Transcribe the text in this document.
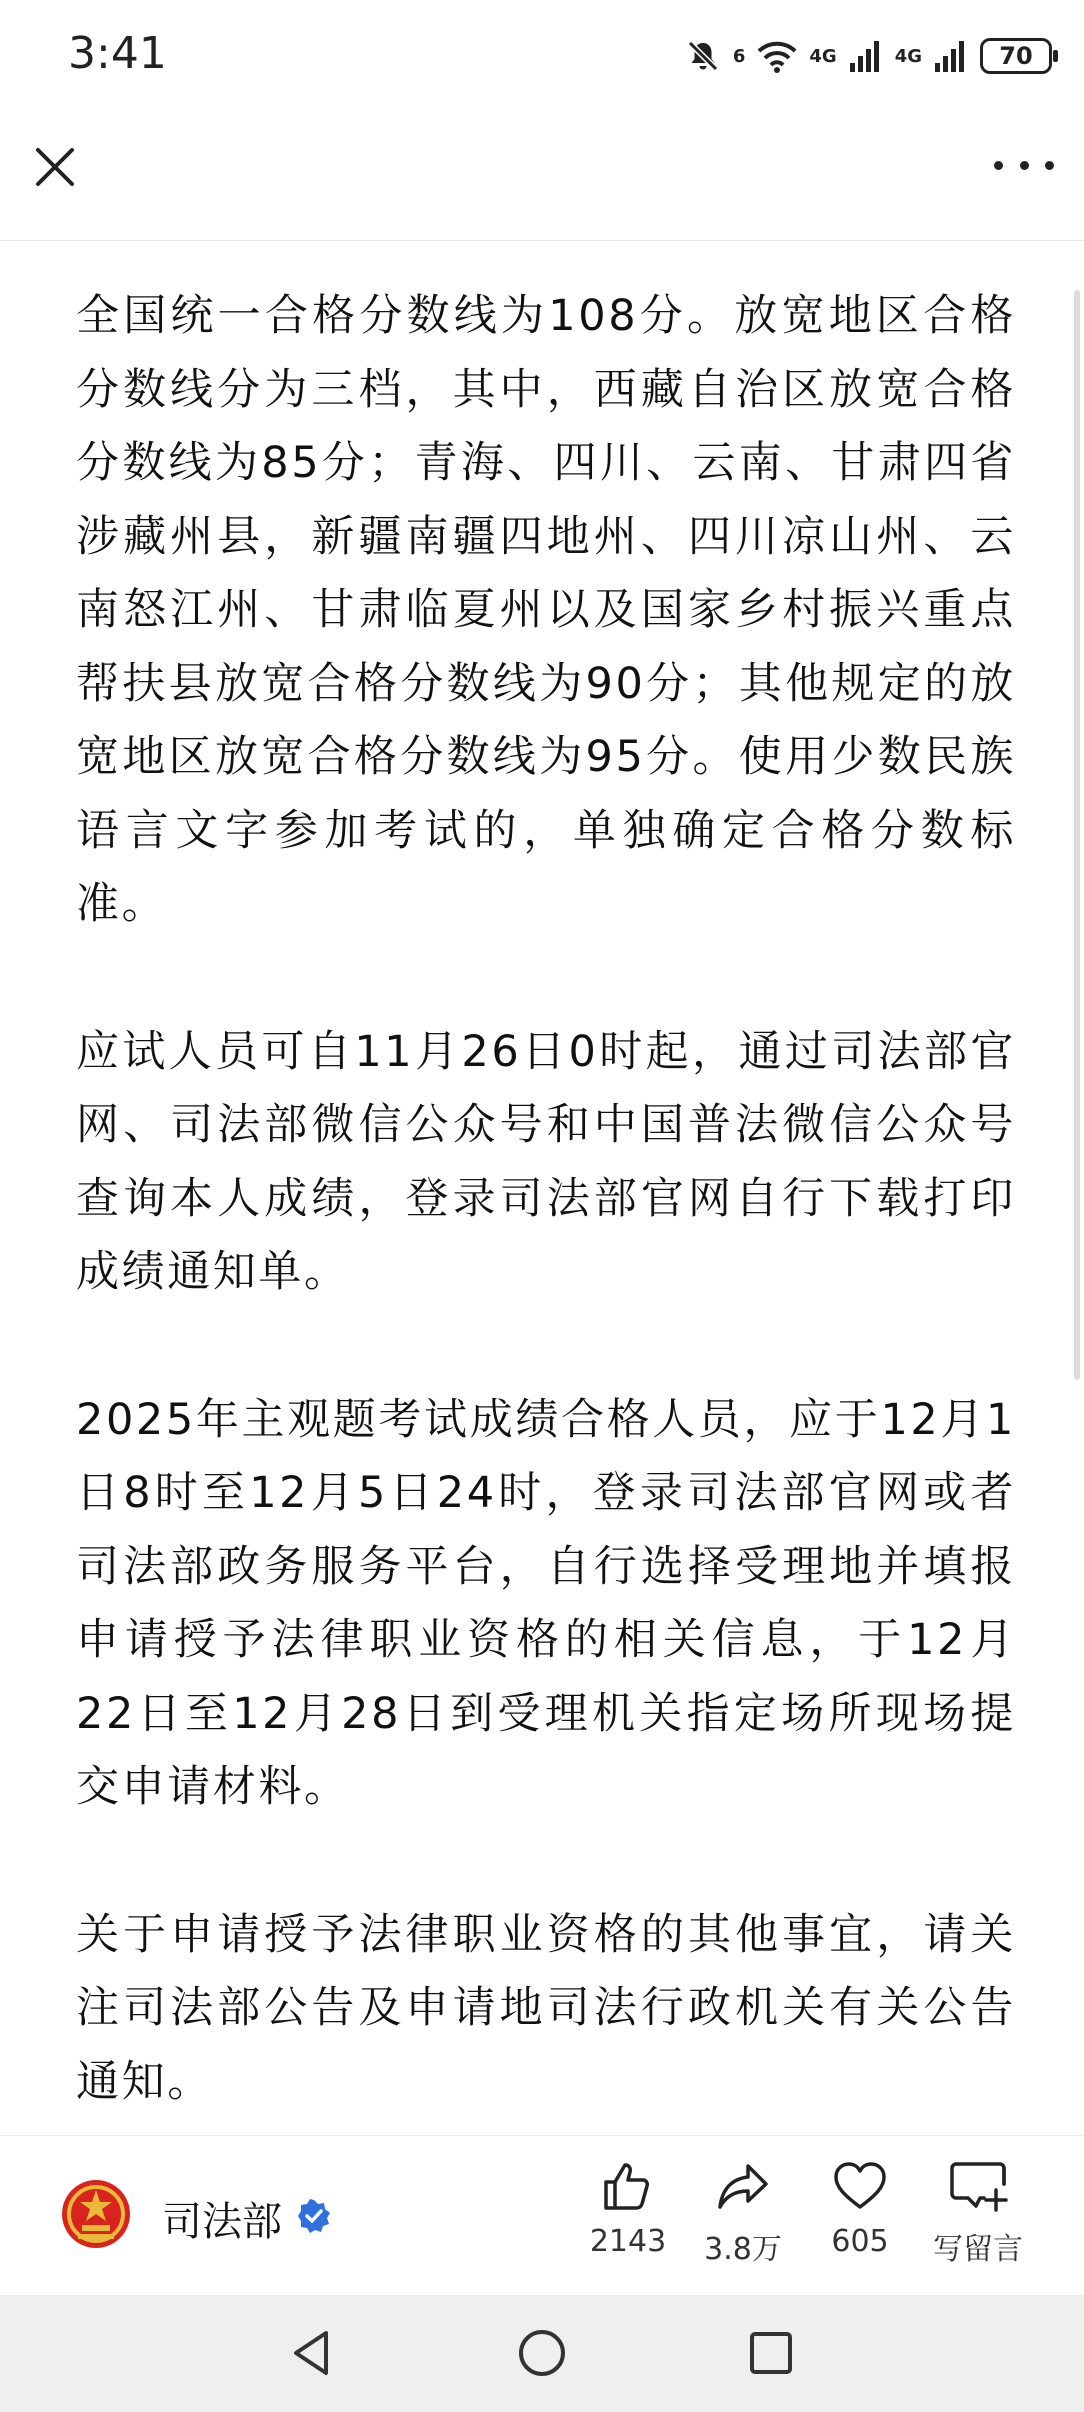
3:41	6	4G	4G	70

全国统一合格分数线为108分。放宽地区合格分数线分为三档，其中，西藏自治区放宽合格分数线为85分；青海、四川、云南、甘肃四省涉藏州县，新疆南疆四地州、四川凉山州、云南怒江州、甘肃临夏州以及国家乡村振兴重点帮扶县放宽合格分数线为90分；其他规定的放宽地区放宽合格分数线为95分。使用少数民族语言文字参加考试的，单独确定合格分数标准。

应试人员可自11月26日0时起，通过司法部官网、司法部微信公众号和中国普法微信公众号查询本人成绩，登录司法部官网自行下载打印成绩通知单。

2025年主观题考试成绩合格人员，应于12月1日8时至12月5日24时，登录司法部官网或者司法部政务服务平台，自行选择受理地并填报申请授予法律职业资格的相关信息，于12月22日至12月28日到受理机关指定场所现场提交申请材料。

关于申请授予法律职业资格的其他事宜，请关注司法部公告及申请地司法行政机关有关公告通知。

司法部	2143	3.8万	605	写留言
